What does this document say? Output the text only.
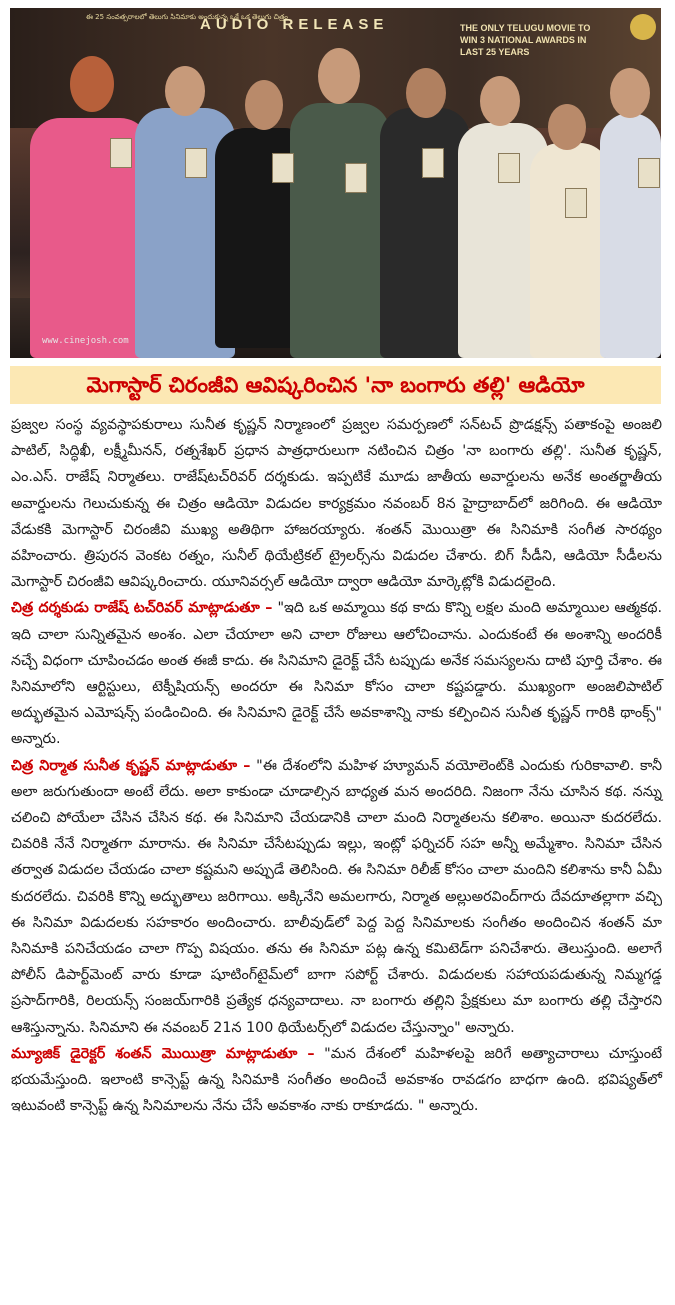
ఈ 25 సంవత్సరాలలో తెలుగు సినిమాకు అందుకున్న ఒకే ఒక తెలుగు చిత్రం
AUDIO RELEASE	THE ONLY TELUGU MOVIE TO WIN 3 NATIONAL AWARDS IN LAST 25 YEARS
www.cinejosh.com
మెగాస్టార్ చిరంజీవి ఆవిష్కరించిన 'నా బంగారు తల్లి' ఆడియో

ప్రజ్వల సంస్థ వ్యవస్థాపకురాలు సునీత కృష్ణన్ నిర్మాణంలో ప్రజ్వల సమర్పణలో సన్‌టచ్ ప్రొడక్షన్స్ పతాకంపై అంజలి పాటిల్, సిద్ధిఖీ, లక్ష్మీమీనన్, రత్నశేఖర్ ప్రధాన పాత్రధారులుగా నటించిన చిత్రం 'నా బంగారు తల్లి'. సునీత కృష్ణన్, ఎం.ఎస్. రాజేష్ నిర్మాతలు. రాజేష్‌టచ్‌రివర్ దర్శకుడు. ఇప్పటికే మూడు జాతీయ అవార్డులను అనేక అంతర్జాతీయ అవార్డులను గెలుచుకున్న ఈ చిత్రం ఆడియో విడుదల కార్యక్రమం నవంబర్ 8న హైద్రాబాద్‌లో జరిగింది. ఈ ఆడియో వేడుకకి మెగాస్టార్ చిరంజీవి ముఖ్య అతిథిగా హాజరయ్యారు. శంతన్ మొయిత్రా ఈ సినిమాకి సంగీత సారథ్యం వహించారు. త్రిపురన వెంకట రత్నం, సునీల్ థియేట్రికల్ ట్రైలర్స్‌ను విడుదల చేశారు. బిగ్ సీడీని, ఆడియో సీడీలను మెగాస్టార్ చిరంజీవి ఆవిష్కరించారు. యూనివర్సల్ ఆడియో ద్వారా ఆడియో మార్కెట్లోకి విడుదలైంది.

చిత్ర దర్శకుడు రాజేష్ టచ్‌రివర్ మాట్లాడుతూ – "ఇది ఒక అమ్మాయి కథ కాదు కొన్ని లక్షల మంది అమ్మాయిల ఆత్మకథ. ఇది చాలా సున్నితమైన అంశం. ఎలా చేయాలా అని చాలా రోజులు ఆలోచించాను. ఎందుకంటే ఈ అంశాన్ని అందరికీ నచ్చే విధంగా చూపించడం అంత ఈజీ కాదు. ఈ సినిమాని డైరెక్ట్ చేసే టప్పుడు అనేక సమస్యలను దాటి పూర్తి చేశాం. ఈ సినిమాలోని ఆర్టిస్టులు, టెక్నీషియన్స్ అందరూ ఈ సినిమా కోసం చాలా కష్టపడ్డారు. ముఖ్యంగా అంజలిపాటిల్ అద్భుతమైన ఎమోషన్స్ పండించింది. ఈ సినిమాని డైరెక్ట్ చేసే అవకాశాన్ని నాకు కల్పించిన సునీత కృష్ణన్ గారికి థాంక్స్" అన్నారు.

చిత్ర నిర్మాత సునీత కృష్ణన్ మాట్లాడుతూ – "ఈ దేశంలోని మహిళ హ్యూమన్ వయోలెంట్‌కి ఎందుకు గురికావాలి. కానీ అలా జరుగుతుందా అంటే లేదు. అలా కాకుండా చూడాల్సిన బాధ్యత మన అందరిది. నిజంగా నేను చూసిన కథ. నన్ను చలించి పోయేలా చేసిన చేసిన కథ. ఈ సినిమాని చేయడానికి చాలా మంది నిర్మాతలను కలిశాం. అయినా కుదరలేదు. చివరికి నేనే నిర్మాతగా మారాను. ఈ సినిమా చేసేటప్పుడు ఇల్లు, ఇంట్లో ఫర్నిచర్ సహ అన్నీ అమ్మేశాం. సినిమా చేసిన తర్వాత విడుదల చేయడం చాలా కష్టమని అప్పుడే తెలిసింది. ఈ సినిమా రిలీజ్ కోసం చాలా మందిని కలిశాను కానీ ఏమీ కుదరలేదు. చివరికి కొన్ని అద్భుతాలు జరిగాయి. అక్కినేని అమలగారు, నిర్మాత అల్లుఅరవింద్‌గారు దేవదూతల్లాగా వచ్చి ఈ సినిమా విడుదలకు సహకారం అందించారు. బాలీవుడ్‌లో పెద్ద పెద్ద సినిమాలకు సంగీతం అందించిన శంతన్ మా సినిమాకి పనిచేయడం చాలా గొప్ప విషయం. తను ఈ సినిమా పట్ల ఉన్న కమిటెడ్‌గా పనిచేశారు. తెలుస్తుంది. అలాగే పోలీస్ డిపార్ట్‌మెంట్ వారు కూడా షూటింగ్‌టైమ్‌లో బాగా సపోర్ట్ చేశారు. విడుదలకు సహాయపడుతున్న నిమ్మగడ్డ ప్రసాద్‌గారికి, రిలయన్స్ సంజయ్‌గారికి ప్రత్యేక ధన్యవాదాలు. నా బంగారు తల్లిని ప్రేక్షకులు మా బంగారు తల్లి చేస్తారని ఆశిస్తున్నాను. సినిమాని ఈ నవంబర్ 21న 100 థియేటర్స్‌లో విడుదల చేస్తున్నాం" అన్నారు.

మ్యూజిక్ డైరెక్టర్ శంతన్ మొయిత్రా మాట్లాడుతూ – "మన దేశంలో మహిళలపై జరిగే అత్యాచారాలు చూస్తుంటే భయమేస్తుంది. ఇలాంటి కాన్సెప్ట్ ఉన్న సినిమాకి సంగీతం అందించే అవకాశం రావడగం బాధగా ఉంది. భవిష్యత్‌లో ఇటువంటి కాన్సెప్ట్ ఉన్న సినిమాలను నేను చేసే అవకాశం నాకు రాకూడదు. " అన్నారు.
